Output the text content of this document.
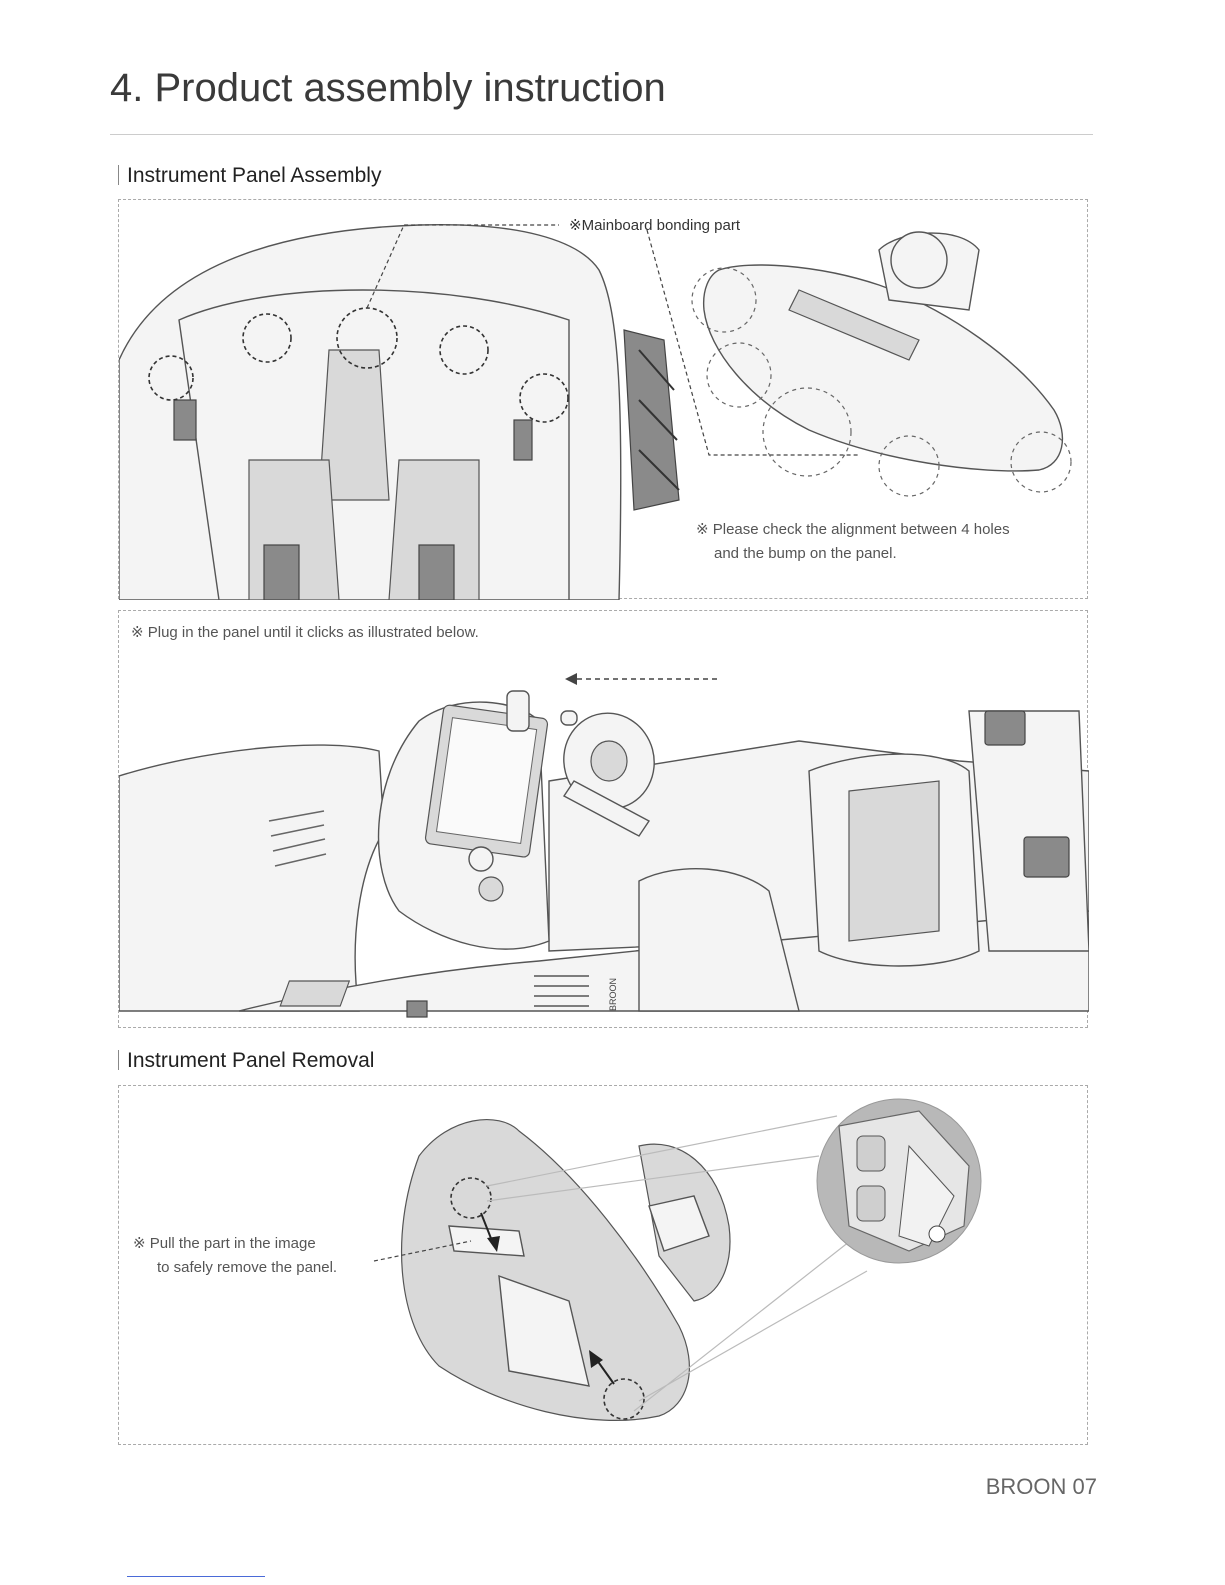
4. Product assembly instruction
Instrument Panel Assembly
※Mainboard bonding part
※ Please check the alignment between 4 holes
and the bump on the panel.
※ Plug in the panel until it clicks as illustrated below.
BROON
Instrument Panel Removal
※ Pull the part in the image
to safely remove the panel.
BROON 07
